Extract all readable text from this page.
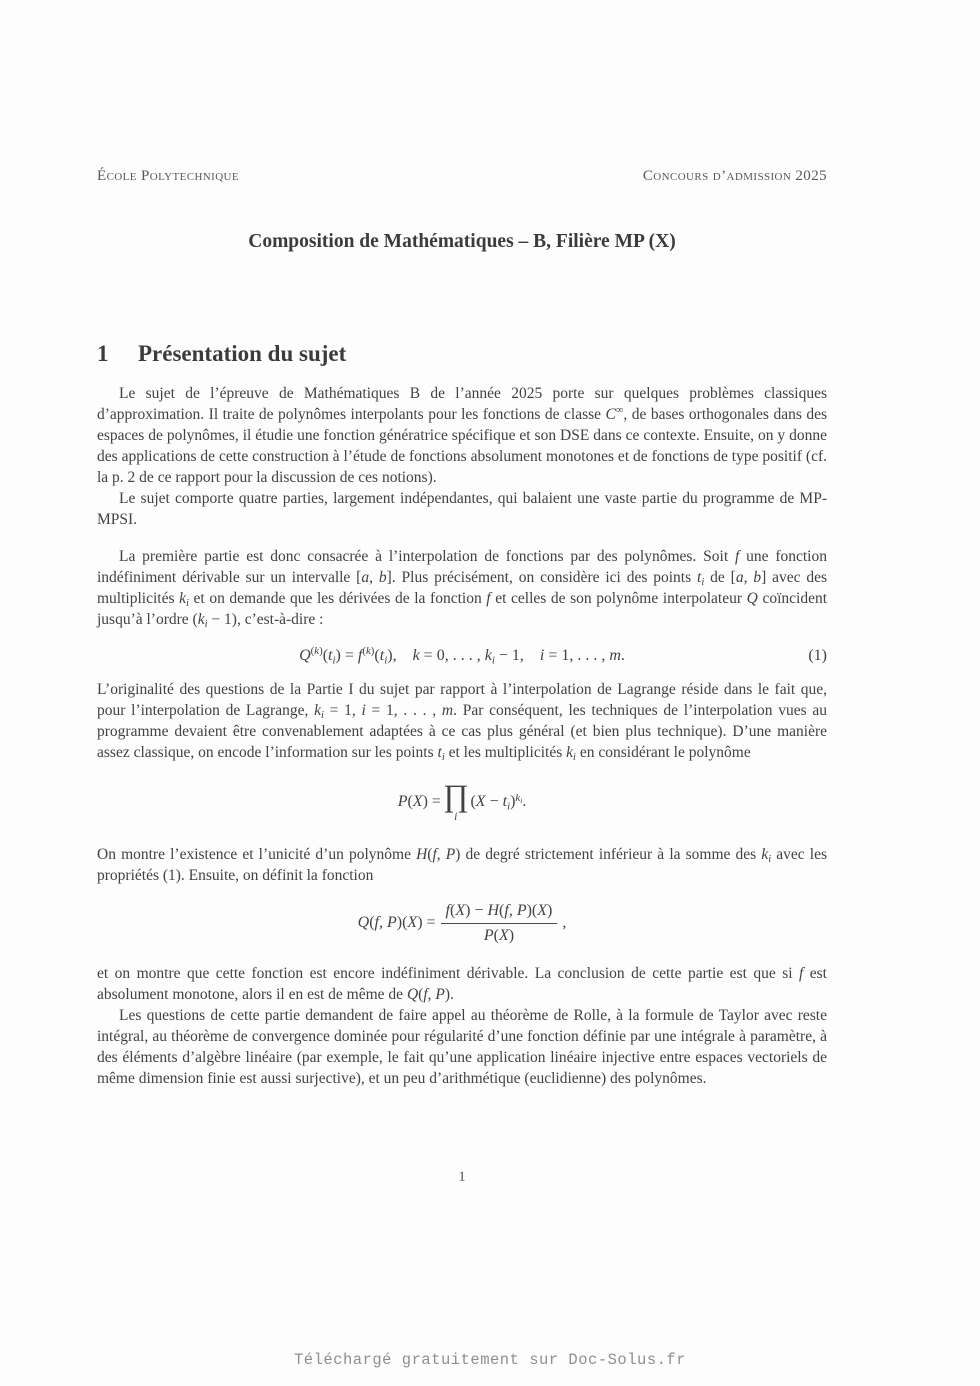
École Polytechnique	Concours d’admission 2025
Composition de Mathématiques – B, Filière MP (X)
1	Présentation du sujet

Le sujet de l’épreuve de Mathématiques B de l’année 2025 porte sur quelques problèmes classiques d’approximation. Il traite de polynômes interpolants pour les fonctions de classe C∞, de bases orthogonales dans des espaces de polynômes, il étudie une fonction génératrice spécifique et son DSE dans ce contexte. Ensuite, on y donne des applications de cette construction à l’étude de fonctions absolument monotones et de fonctions de type positif (cf. la p. 2 de ce rapport pour la discussion de ces notions).

Le sujet comporte quatre parties, largement indépendantes, qui balaient une vaste partie du programme de MP-MPSI.

La première partie est donc consacrée à l’interpolation de fonctions par des polynômes. Soit f une fonction indéfiniment dérivable sur un intervalle [a, b]. Plus précisément, on considère ici des points $t_i$ de [a, b] avec des multiplicités $k_i$ et on demande que les dérivées de la fonction f et celles de son polynôme interpolateur Q coïncident jusqu’à l’ordre $(k_i - 1)$, c’est-à-dire :

$Q^{(k)}(t_i) = f^{(k)}(t_i)$, k = 0, . . . , $k_i - 1$, i = 1, . . . , m.	(1)

L’originalité des questions de la Partie I du sujet par rapport à l’interpolation de Lagrange réside dans le fait que, pour l’interpolation de Lagrange, $k_i = 1$, i = 1, . . . , m. Par conséquent, les techniques de l’interpolation vues au programme devaient être convenablement adaptées à ce cas plus général (et bien plus technique). D’une manière assez classique, on encode l’information sur les points $t_i$ et les multiplicités $k_i$ en considérant le polynôme

P(X) = ∏
i
$(X - t_i)^{k_i}$.

On montre l’existence et l’unicité d’un polynôme H(f, P) de degré strictement inférieur à la somme des $k_i$ avec les propriétés (1). Ensuite, on définit la fonction

Q(f, $P)(X) = \frac{f(X) - H(f, P)(X)}{P(X)}$ ,

et on montre que cette fonction est encore indéfiniment dérivable. La conclusion de cette partie est que si f est absolument monotone, alors il en est de même de Q(f, P).

Les questions de cette partie demandent de faire appel au théorème de Rolle, à la formule de Taylor avec reste intégral, au théorème de convergence dominée pour régularité d’une fonction définie par une intégrale à paramètre, à des éléments d’algèbre linéaire (par exemple, le fait qu’une application linéaire injective entre espaces vectoriels de même dimension finie est aussi surjective), et un peu d’arithmétique (euclidienne) des polynômes.

1
Téléchargé gratuitement sur Doc-Solus.fr
